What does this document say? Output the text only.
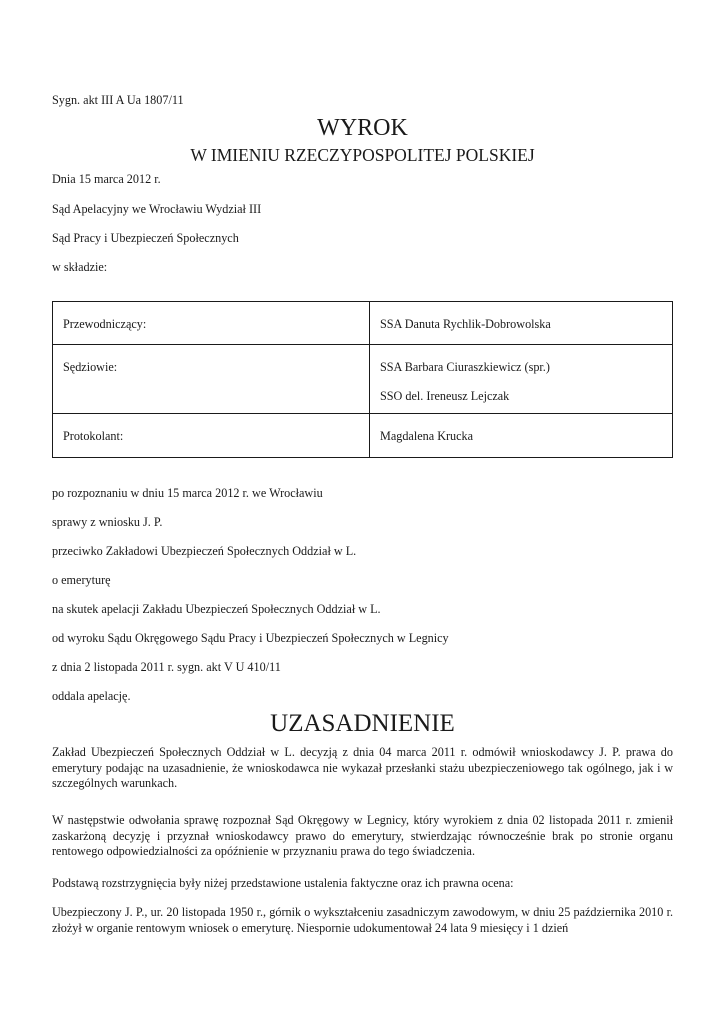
Sygn. akt III A Ua 1807/11
WYROK
W IMIENIU RZECZYPOSPOLITEJ POLSKIEJ
Dnia 15 marca 2012 r.
Sąd Apelacyjny we Wrocławiu Wydział III
Sąd Pracy i Ubezpieczeń Społecznych
w składzie:
Przewodniczący:	SSA Danuta Rychlik-Dobrowolska

Sędziowie:	SSA Barbara Ciuraszkiewicz (spr.)
SSO del. Ireneusz Lejczak

Protokolant:	Magdalena Krucka
po rozpoznaniu w dniu 15 marca 2012 r. we Wrocławiu
sprawy z wniosku J. P.
przeciwko Zakładowi Ubezpieczeń Społecznych Oddział w L.
o emeryturę
na skutek apelacji Zakładu Ubezpieczeń Społecznych Oddział w L.
od wyroku Sądu Okręgowego Sądu Pracy i Ubezpieczeń Społecznych w Legnicy
z dnia 2 listopada 2011 r. sygn. akt V U 410/11
oddala apelację.
UZASADNIENIE
Zakład Ubezpieczeń Społecznych Oddział w L. decyzją z dnia 04 marca 2011 r. odmówił wnioskodawcy J. P. prawa do emerytury podając na uzasadnienie, że wnioskodawca nie wykazał przesłanki stażu ubezpieczeniowego tak ogólnego, jak i w szczególnych warunkach.
W następstwie odwołania sprawę rozpoznał Sąd Okręgowy w Legnicy, który wyrokiem z dnia 02 listopada 2011 r. zmienił zaskarżoną decyzję i przyznał wnioskodawcy prawo do emerytury, stwierdzając równocześnie brak po stronie organu rentowego odpowiedzialności za opóźnienie w przyznaniu prawa do tego świadczenia.
Podstawą rozstrzygnięcia były niżej przedstawione ustalenia faktyczne oraz ich prawna ocena:
Ubezpieczony J. P., ur. 20 listopada 1950 r., górnik o wykształceniu zasadniczym zawodowym, w dniu 25 października 2010 r. złożył w organie rentowym wniosek o emeryturę. Niespornie udokumentował 24 lata 9 miesięcy i 1 dzień
